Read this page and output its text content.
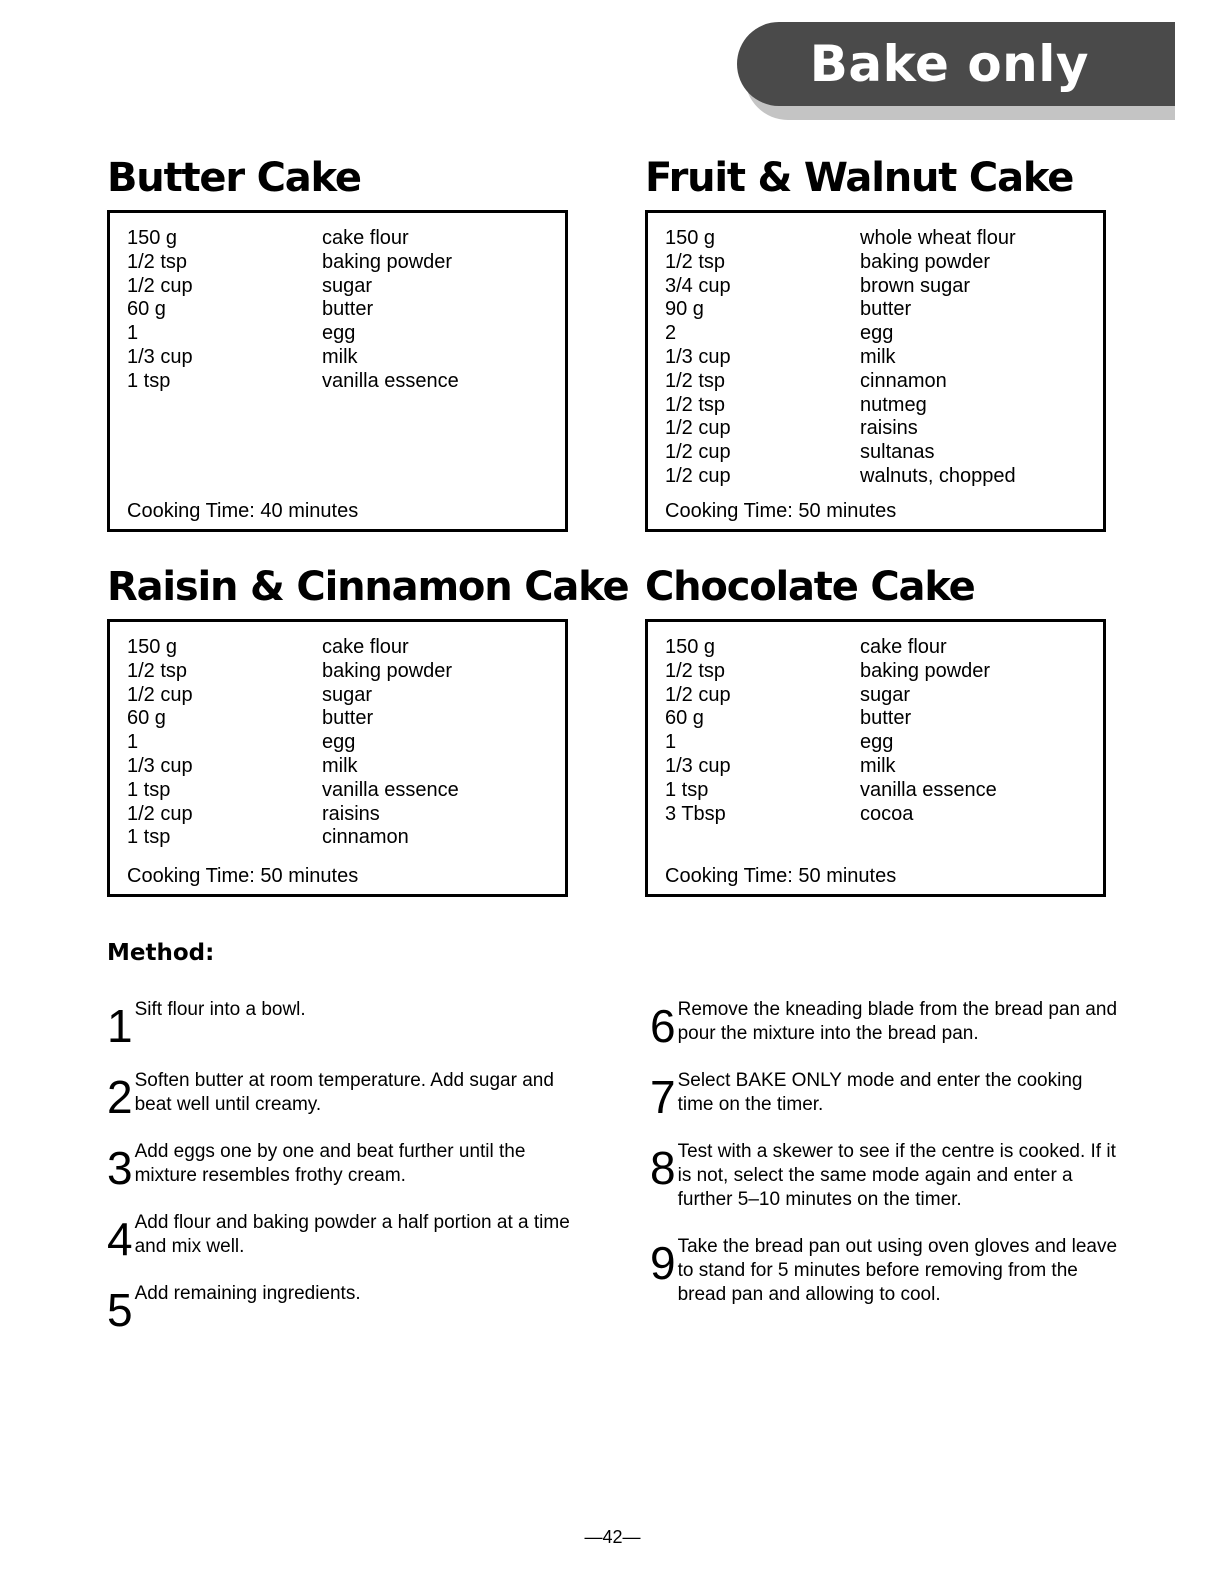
Bake only
Butter Cake
150 g	cake flour
1/2 tsp	baking powder
1/2 cup	sugar
60 g	butter
1	egg
1/3 cup	milk
1 tsp	vanilla essence
Cooking Time: 40 minutes
Fruit & Walnut Cake
150 g	whole wheat flour
1/2 tsp	baking powder
3/4 cup	brown sugar
90 g	butter
2	egg
1/3 cup	milk
1/2 tsp	cinnamon
1/2 tsp	nutmeg
1/2 cup	raisins
1/2 cup	sultanas
1/2 cup	walnuts, chopped
Cooking Time: 50 minutes
Raisin & Cinnamon Cake
150 g	cake flour
1/2 tsp	baking powder
1/2 cup	sugar
60 g	butter
1	egg
1/3 cup	milk
1 tsp	vanilla essence
1/2 cup	raisins
1 tsp	cinnamon
Cooking Time: 50 minutes
Chocolate Cake
150 g	cake flour
1/2 tsp	baking powder
1/2 cup	sugar
60 g	butter
1	egg
1/3 cup	milk
1 tsp	vanilla essence
3 Tbsp	cocoa
Cooking Time: 50 minutes
Method:
1 Sift flour into a bowl.
2 Soften butter at room temperature. Add sugar and beat well until creamy.
3 Add eggs one by one and beat further until the mixture resembles frothy cream.
4 Add flour and baking powder a half portion at a time and mix well.
5 Add remaining ingredients.
6 Remove the kneading blade from the bread pan and pour the mixture into the bread pan.
7 Select BAKE ONLY mode and enter the cooking time on the timer.
8 Test with a skewer to see if the centre is cooked. If it is not, select the same mode again and enter a further 5–10 minutes on the timer.
9 Take the bread pan out using oven gloves and leave to stand for 5 minutes before removing from the bread pan and allowing to cool.
—42—
